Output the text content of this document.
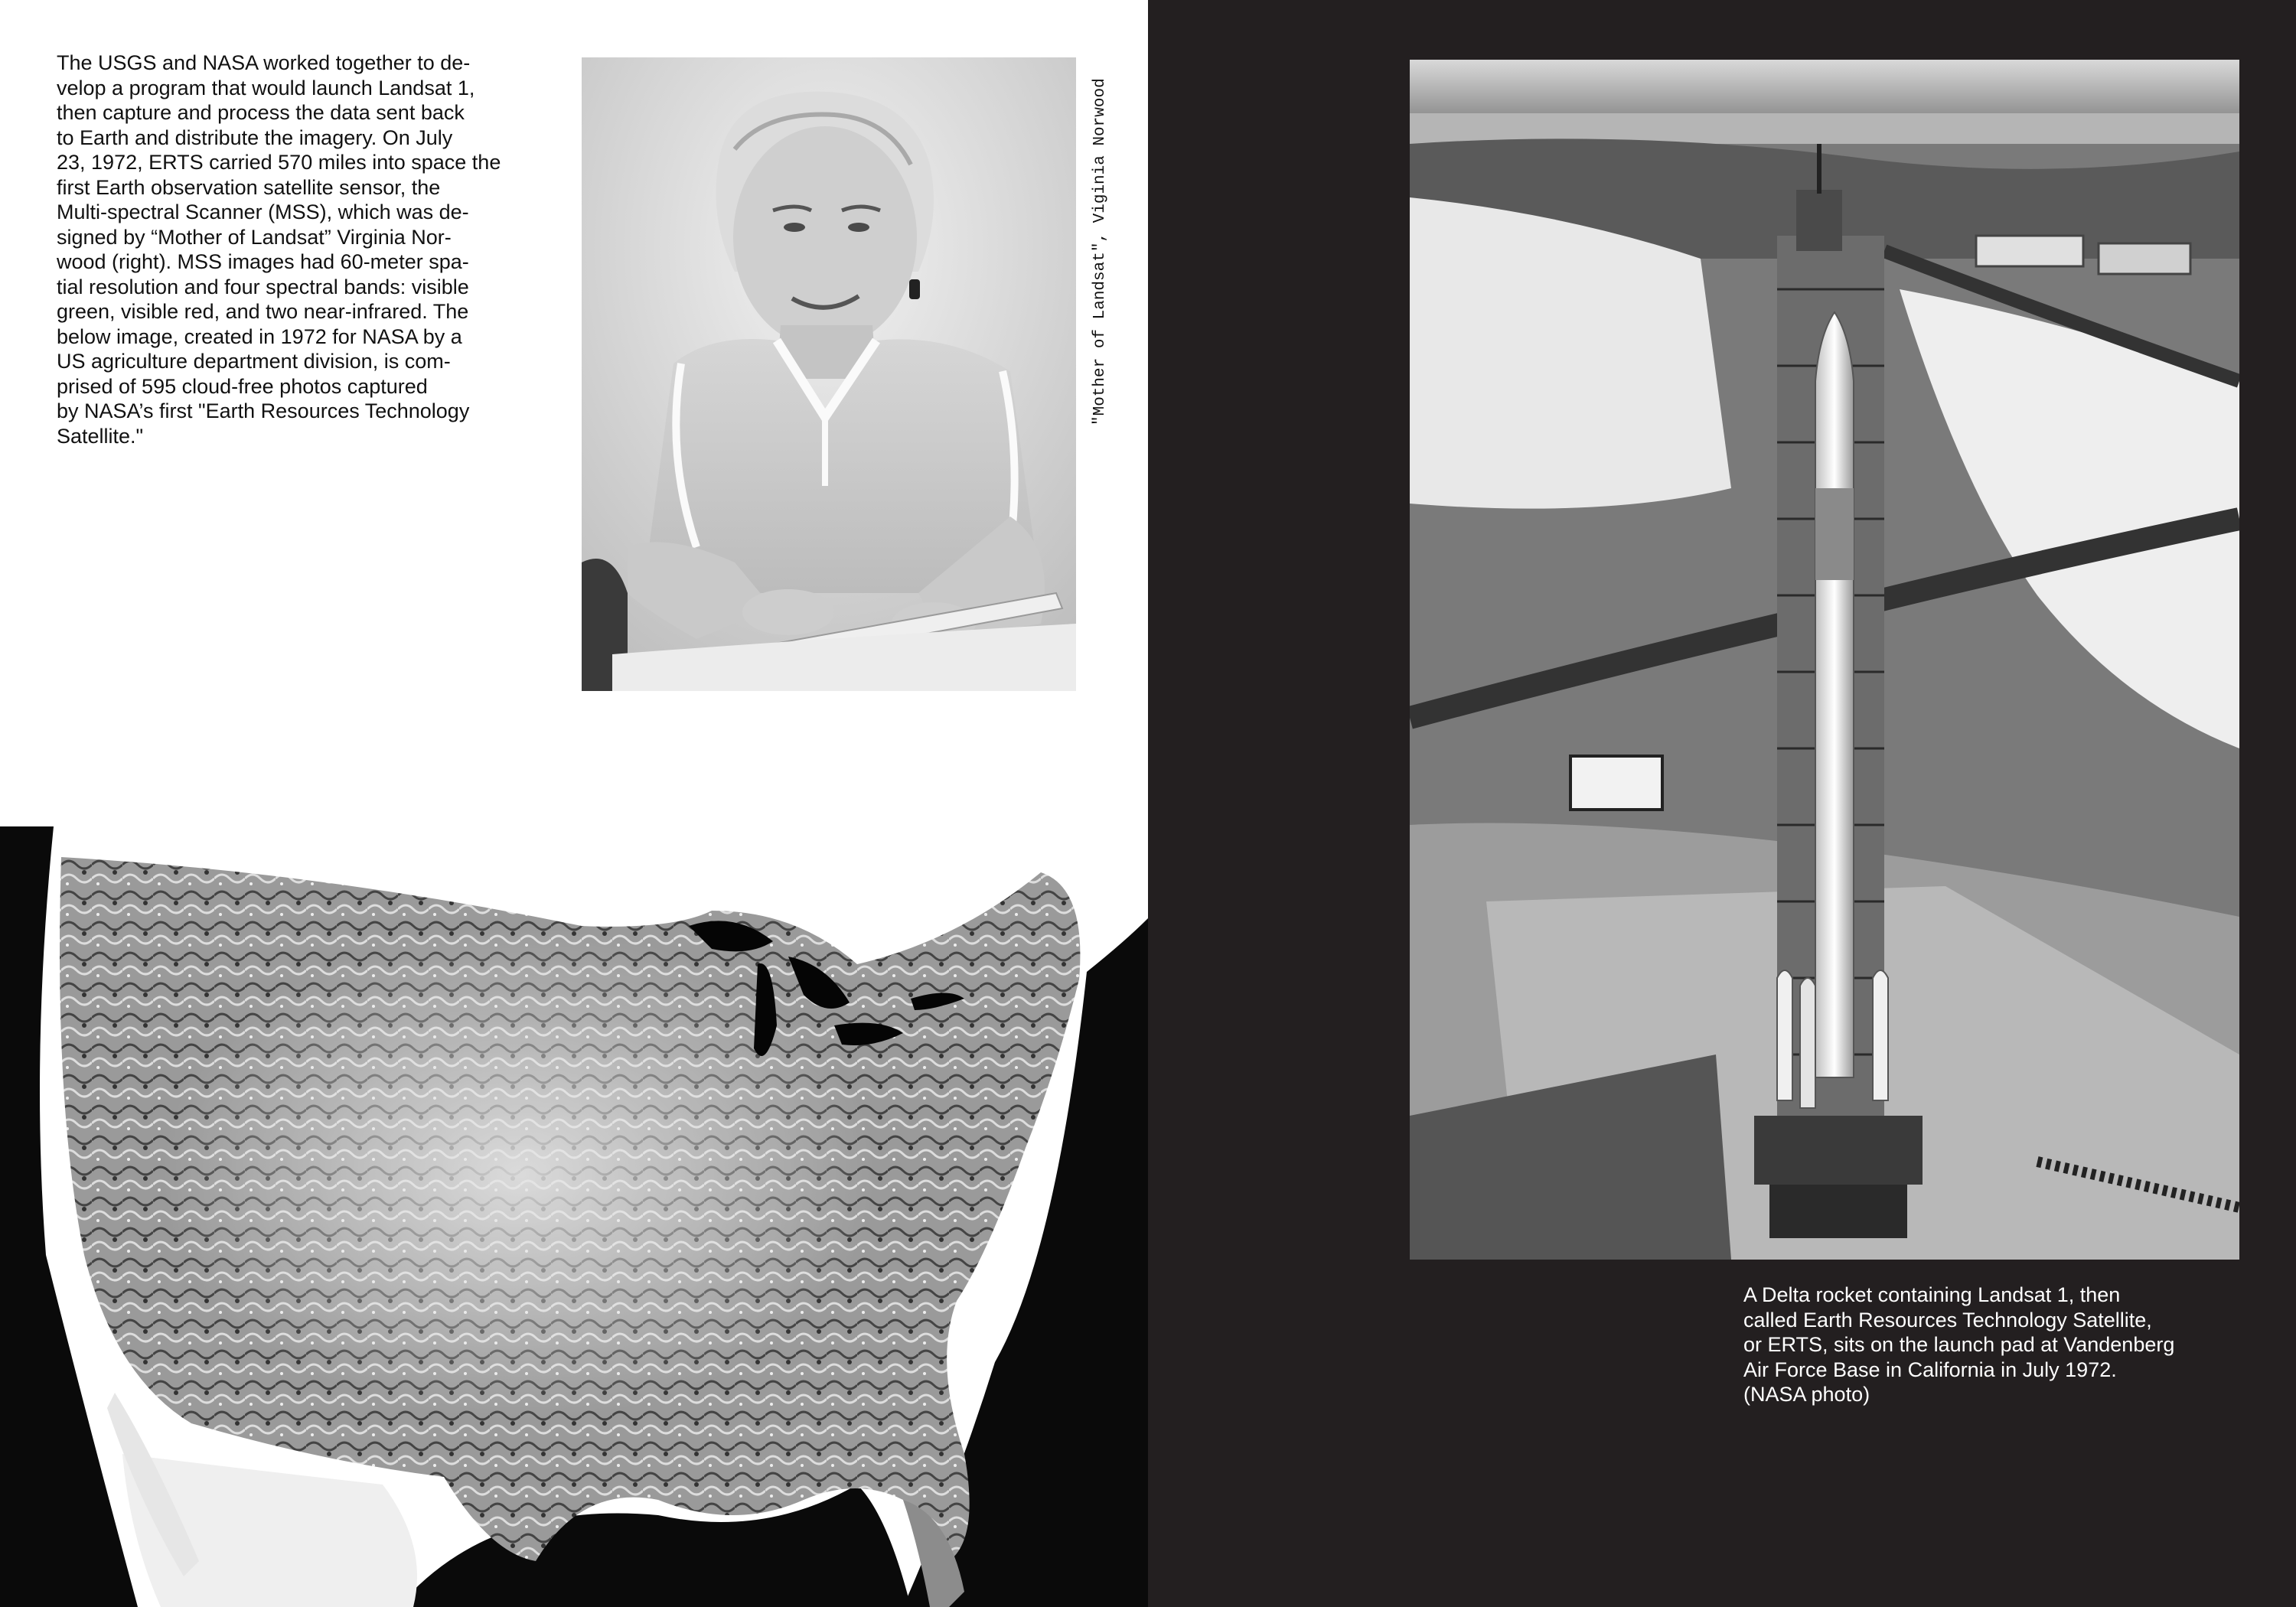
The USGS and NASA worked together to de-
velop a program that would launch Landsat 1,
then capture and process the data sent back
to Earth and distribute the imagery. On July
23, 1972, ERTS carried 570 miles into space the
first Earth observation satellite sensor, the
Multi-spectral Scanner (MSS), which was de-
signed by “Mother of Landsat” Virginia Nor-
wood (right). MSS images had 60-meter spa-
tial resolution and four spectral bands: visible
green, visible red, and two near-infrared. The
below image, created in 1972 for NASA by a
US agriculture department division, is com-
prised of 595 cloud-free photos captured
by NASA’s first "Earth Resources Technology
Satellite."

"Mother of Landsat", Viginia Norwood

A Delta rocket containing Landsat 1, then
called Earth Resources Technology Satellite,
or ERTS, sits on the launch pad at Vandenberg
Air Force Base in California in July 1972.
(NASA photo)
